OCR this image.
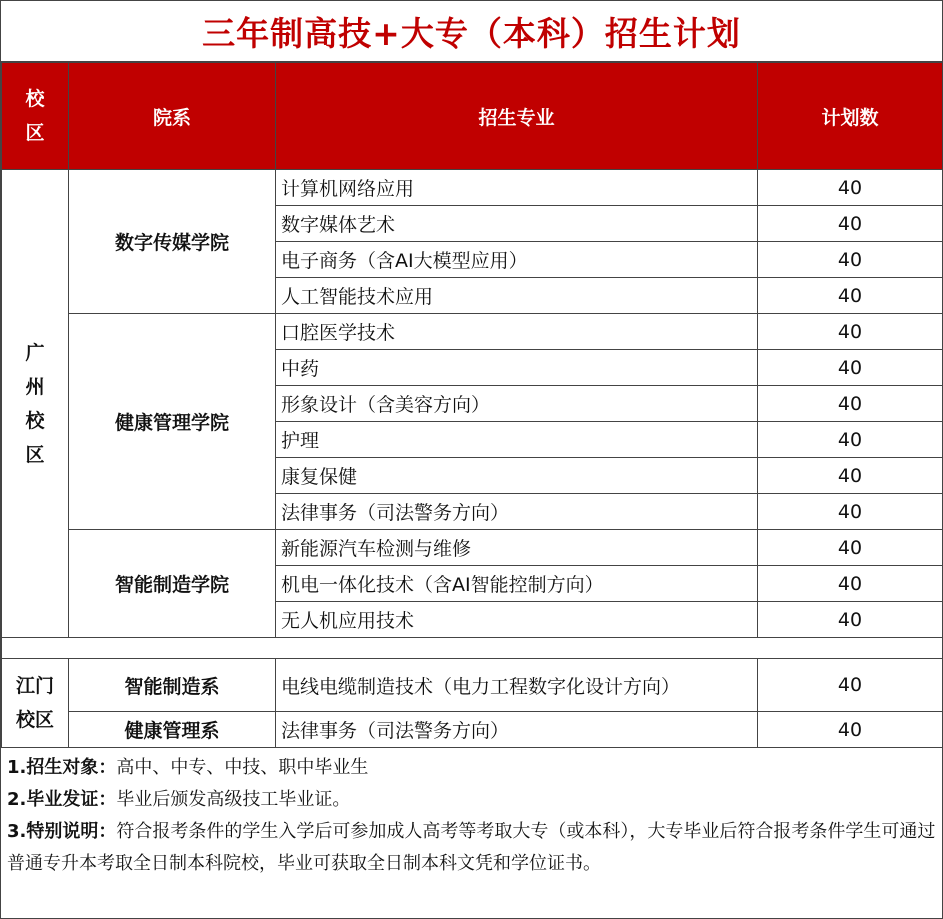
三年制高技+大专（本科）招生计划
校区	院系	招生专业	计划数

广州校区	数字传媒学院	计算机网络应用	40
		数字媒体艺术	40
		电子商务（含AI大模型应用）	40
		人工智能技术应用	40
	健康管理学院	口腔医学技术	40
		中药	40
		形象设计（含美容方向）	40
		护理	40
		康复保健	40
		法律事务（司法警务方向）	40
	智能制造学院	新能源汽车检测与维修	40
		机电一体化技术（含AI智能控制方向）	40
		无人机应用技术	40

江门校区	智能制造系	电线电缆制造技术（电力工程数字化设计方向）	40
	健康管理系	法律事务（司法警务方向）	40
1.招生对象：高中、中专、中技、职中毕业生
2.毕业发证：毕业后颁发高级技工毕业证。
3.特别说明：符合报考条件的学生入学后可参加成人高考等考取大专（或本科），大专毕业后符合报考条件学生可通过普通专升本考取全日制本科院校，毕业可获取全日制本科文凭和学位证书。
